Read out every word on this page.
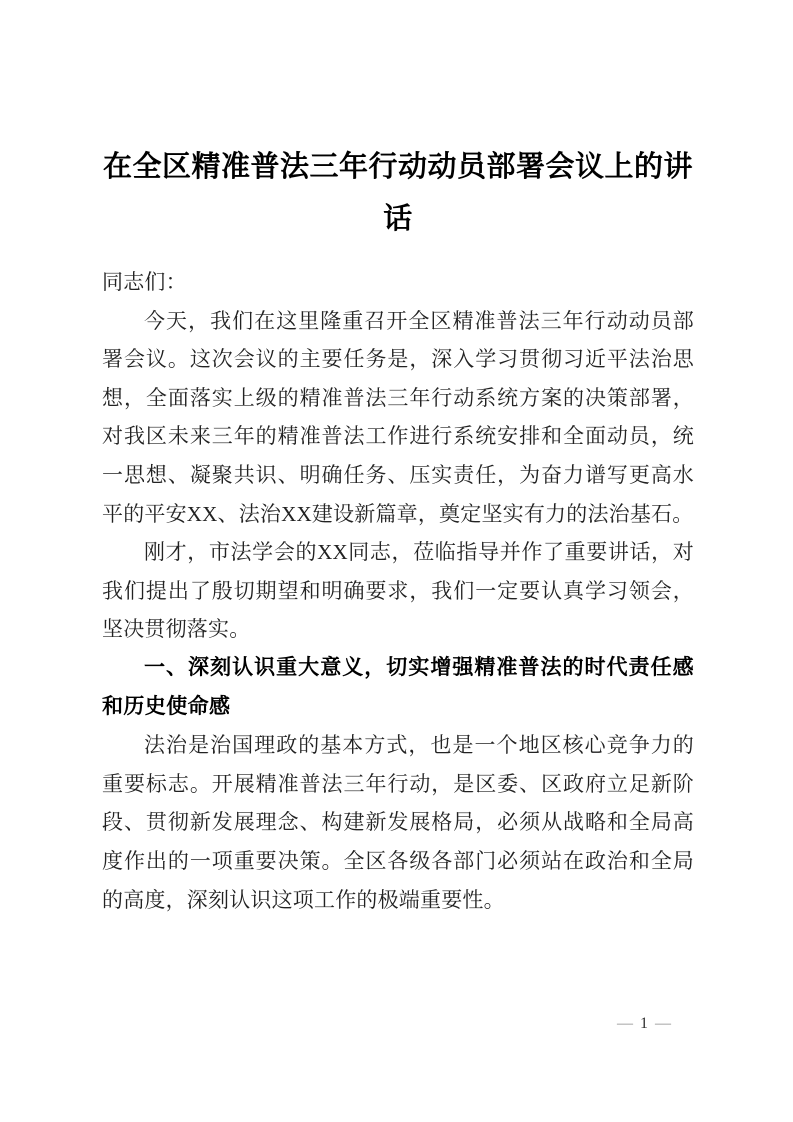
在全区精准普法三年行动动员部署会议上的讲话

同志们：

今天，我们在这里隆重召开全区精准普法三年行动动员部署会议。这次会议的主要任务是，深入学习贯彻习近平法治思想，全面落实上级的精准普法三年行动系统方案的决策部署，对我区未来三年的精准普法工作进行系统安排和全面动员，统一思想、凝聚共识、明确任务、压实责任，为奋力谱写更高水平的平安XX、法治XX建设新篇章，奠定坚实有力的法治基石。

刚才，市法学会的XX同志，莅临指导并作了重要讲话，对我们提出了殷切期望和明确要求，我们一定要认真学习领会，坚决贯彻落实。

一、深刻认识重大意义，切实增强精准普法的时代责任感和历史使命感

法治是治国理政的基本方式，也是一个地区核心竞争力的重要标志。开展精准普法三年行动，是区委、区政府立足新阶段、贯彻新发展理念、构建新发展格局，必须从战略和全局高度作出的一项重要决策。全区各级各部门必须站在政治和全局的高度，深刻认识这项工作的极端重要性。

— 1 —
